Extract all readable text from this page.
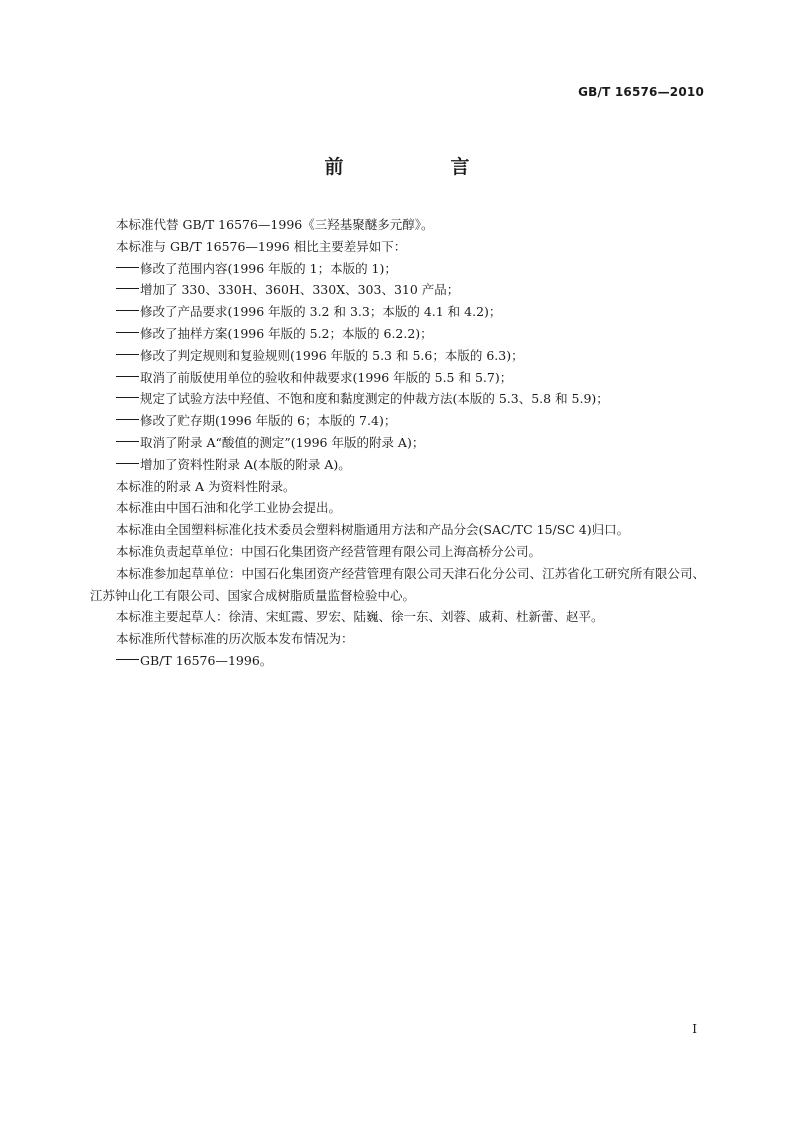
GB/T 16576—2010
前　言

本标准代替 GB/T 16576—1996《三羟基聚醚多元醇》。

本标准与 GB/T 16576—1996 相比主要差异如下：

修改了范围内容(1996 年版的 1；本版的 1)；

增加了 330、330H、360H、330X、303、310 产品；

修改了产品要求(1996 年版的 3.2 和 3.3；本版的 4.1 和 4.2)；

修改了抽样方案(1996 年版的 5.2；本版的 6.2.2)；

修改了判定规则和复验规则(1996 年版的 5.3 和 5.6；本版的 6.3)；

取消了前版使用单位的验收和仲裁要求(1996 年版的 5.5 和 5.7)；

规定了试验方法中羟值、不饱和度和黏度测定的仲裁方法(本版的 5.3、5.8 和 5.9)；

修改了贮存期(1996 年版的 6；本版的 7.4)；

取消了附录 A“酸值的测定”(1996 年版的附录 A)；

增加了资料性附录 A(本版的附录 A)。

本标准的附录 A 为资料性附录。

本标准由中国石油和化学工业协会提出。

本标准由全国塑料标准化技术委员会塑料树脂通用方法和产品分会(SAC/TC 15/SC 4)归口。

本标准负责起草单位：中国石化集团资产经营管理有限公司上海高桥分公司。

本标准参加起草单位：中国石化集团资产经营管理有限公司天津石化分公司、江苏省化工研究所有限公司、江苏钟山化工有限公司、国家合成树脂质量监督检验中心。

本标准主要起草人：徐清、宋虹霞、罗宏、陆巍、徐一东、刘蓉、戚莉、杜新蕾、赵平。

本标准所代替标准的历次版本发布情况为：

GB/T 16576—1996。

I
